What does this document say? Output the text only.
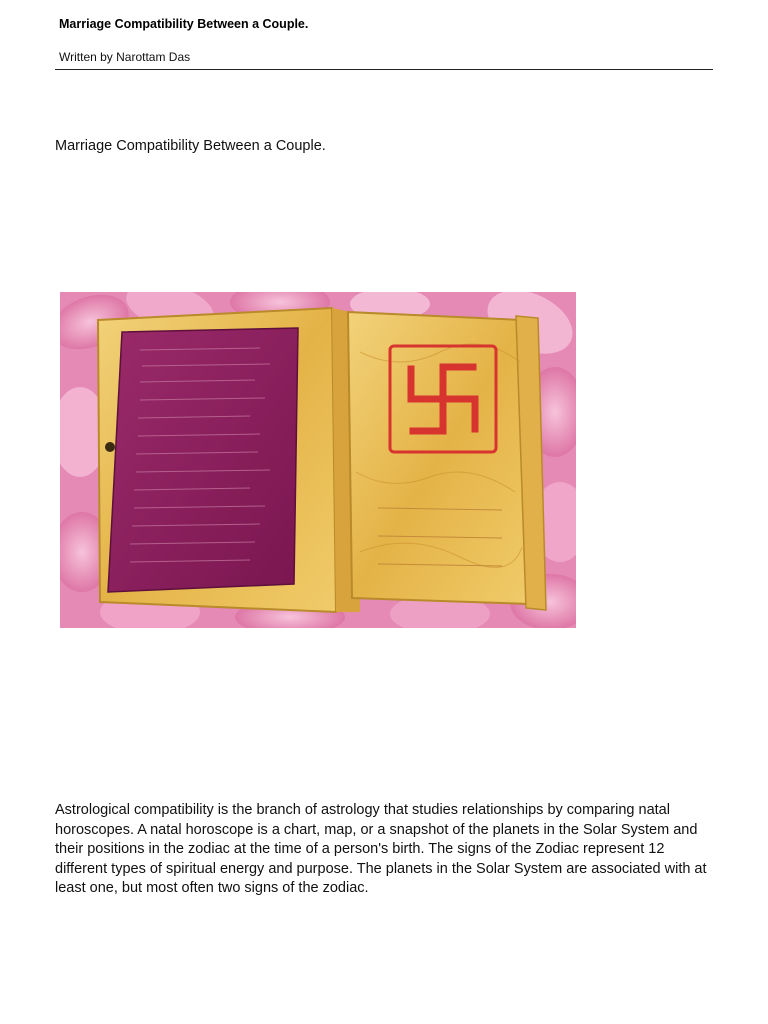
Marriage Compatibility Between a Couple.
Written by Narottam Das
Marriage Compatibility Between a Couple.

Astrological compatibility is the branch of astrology that studies relationships by comparing natal horoscopes. A natal horoscope is a chart, map, or a snapshot of the planets in the Solar System and their positions in the zodiac at the time of a person's birth. The signs of the Zodiac represent 12 different types of spiritual energy and purpose. The planets in the Solar System are associated with at least one, but most often two signs of the zodiac.
